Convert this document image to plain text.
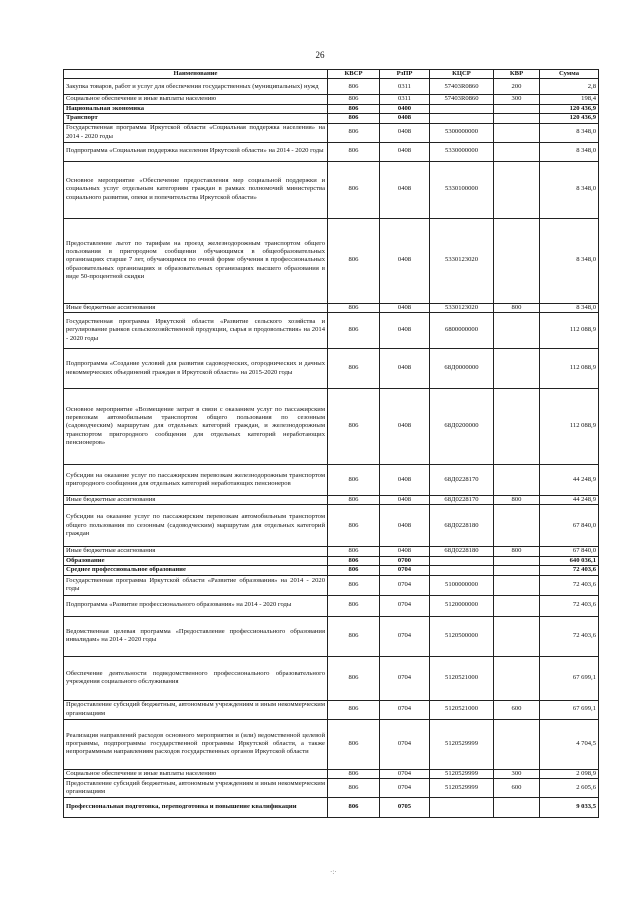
26
Наименование	КВСР	РзПР	КЦСР	КВР	Сумма
Закупка товаров, работ и услуг для обеспечения государственных (муниципальных) нужд	806	0311	57403R0860	200	2,8
Социальное обеспечение и иные выплаты населению	806	0311	57403R0860	300	198,4
Национальная экономика	806	0400			120 436,9
Транспорт	806	0408			120 436,9
Государственная программа Иркутской области «Социальная поддержка населения» на 2014 - 2020 годы	806	0408	5300000000		8 348,0
Подпрограмма «Социальная поддержка населения Иркутской области» на 2014 - 2020 годы	806	0408	5330000000		8 348,0
Основное мероприятие «Обеспечение предоставления мер социальной поддержки и социальных услуг отдельным категориям граждан в рамках полномочий министерства социального развития, опеки и попечительства Иркутской области»	806	0408	5330100000		8 348,0
Предоставление льгот по тарифам на проезд железнодорожным транспортом общего пользования в пригородном сообщении обучающимся в общеобразовательных организациях старше 7 лет, обучающимся по очной форме обучения в профессиональных образовательных организациях и образовательных организациях высшего образования в виде 50-процентной скидки	806	0408	5330123020		8 348,0
Иные бюджетные ассигнования	806	0408	5330123020	800	8 348,0
Государственная программа Иркутской области «Развитие сельского хозяйства и регулирование рынков сельскохозяйственной продукции, сырья и продовольствия» на 2014 - 2020 годы	806	0408	6800000000		112 088,9
Подпрограмма «Создание условий для развития садоводческих, огороднических и дачных некоммерческих объединений граждан в Иркутской области» на 2015-2020 годы	806	0408	68Д0000000		112 088,9
Основное мероприятие «Возмещение затрат в связи с оказанием услуг по пассажирским перевозкам автомобильным транспортом общего пользования по сезонным (садоводческим) маршрутам для отдельных категорий граждан, и железнодорожным транспортом пригородного сообщения для отдельных категорий неработающих пенсионеров»	806	0408	68Д0200000		112 088,9
Субсидии на оказание услуг по пассажирским перевозкам железнодорожным транспортом пригородного сообщения для отдельных категорий неработающих пенсионеров	806	0408	68Д0228170		44 248,9
Иные бюджетные ассигнования	806	0408	68Д0228170	800	44 248,9
Субсидии на оказание услуг по пассажирским перевозкам автомобильным транспортом общего пользования по сезонным (садоводческим) маршрутам для отдельных категорий граждан	806	0408	68Д0228180		67 840,0
Иные бюджетные ассигнования	806	0408	68Д0228180	800	67 840,0
Образование	806	0700			640 036,1
Среднее профессиональное образование	806	0704			72 403,6
Государственная программа Иркутской области «Развитие образования» на 2014 - 2020 годы	806	0704	5100000000		72 403,6
Подпрограмма «Развитие профессионального образования» на 2014 - 2020 годы	806	0704	5120000000		72 403,6
Ведомственная целевая программа «Предоставление профессионального образования инвалидам» на 2014 - 2020 годы	806	0704	5120500000		72 403,6
Обеспечение деятельности подведомственного профессионального образовательного учреждения социального обслуживания	806	0704	5120521000		67 699,1
Предоставление субсидий бюджетным, автономным учреждениям и иным некоммерческим организациям	806	0704	5120521000	600	67 699,1
Реализация направлений расходов основного мероприятия и (или) ведомственной целевой программы, подпрограммы государственной программы Иркутской области, а также непрограммным направлениям расходов государственных органов Иркутской области	806	0704	5120529999		4 704,5
Социальное обеспечение и иные выплаты населению	806	0704	5120529999	300	2 098,9
Предоставление субсидий бюджетным, автономным учреждениям и иным некоммерческим организациям	806	0704	5120529999	600	2 605,6
Профессиональная подготовка, переподготовка и повышение квалификации	806	0705			9 033,5
·:·
